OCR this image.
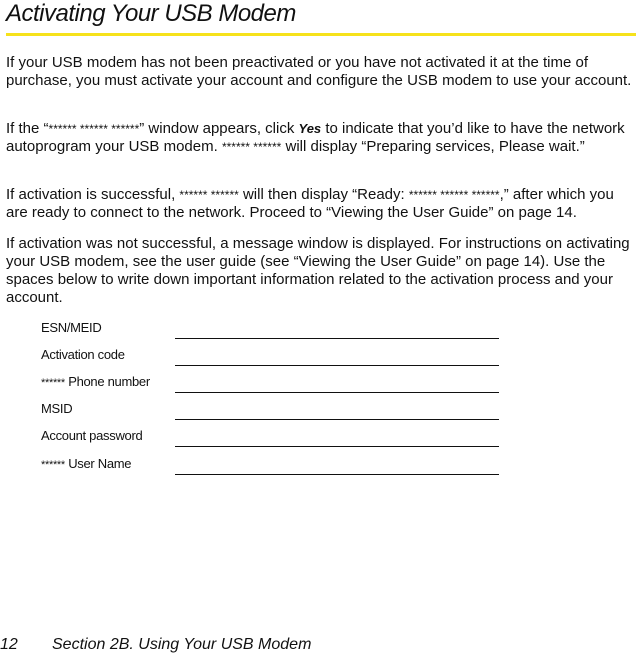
Activating Your USB Modem
If your USB modem has not been preactivated or you have not activated it at the time of purchase, you must activate your account and configure the USB modem to use your account.
If the “****** ****** ******” window appears, click Yes to indicate that you’d like to have the network autoprogram your USB modem. ****** ****** will display “Preparing services, Please wait.”
If activation is successful, ****** ****** will then display “Ready: ****** ****** ******,” after which you are ready to connect to the network. Proceed to “Viewing the User Guide” on page 14.
If activation was not successful, a message window is displayed. For instructions on activating your USB modem, see the user guide (see “Viewing the User Guide” on page 14). Use the spaces below to write down important information related to the activation process and your account.
ESN/MEID
Activation code
****** Phone number
MSID
Account password
****** User Name
12 Section 2B. Using Your USB Modem
